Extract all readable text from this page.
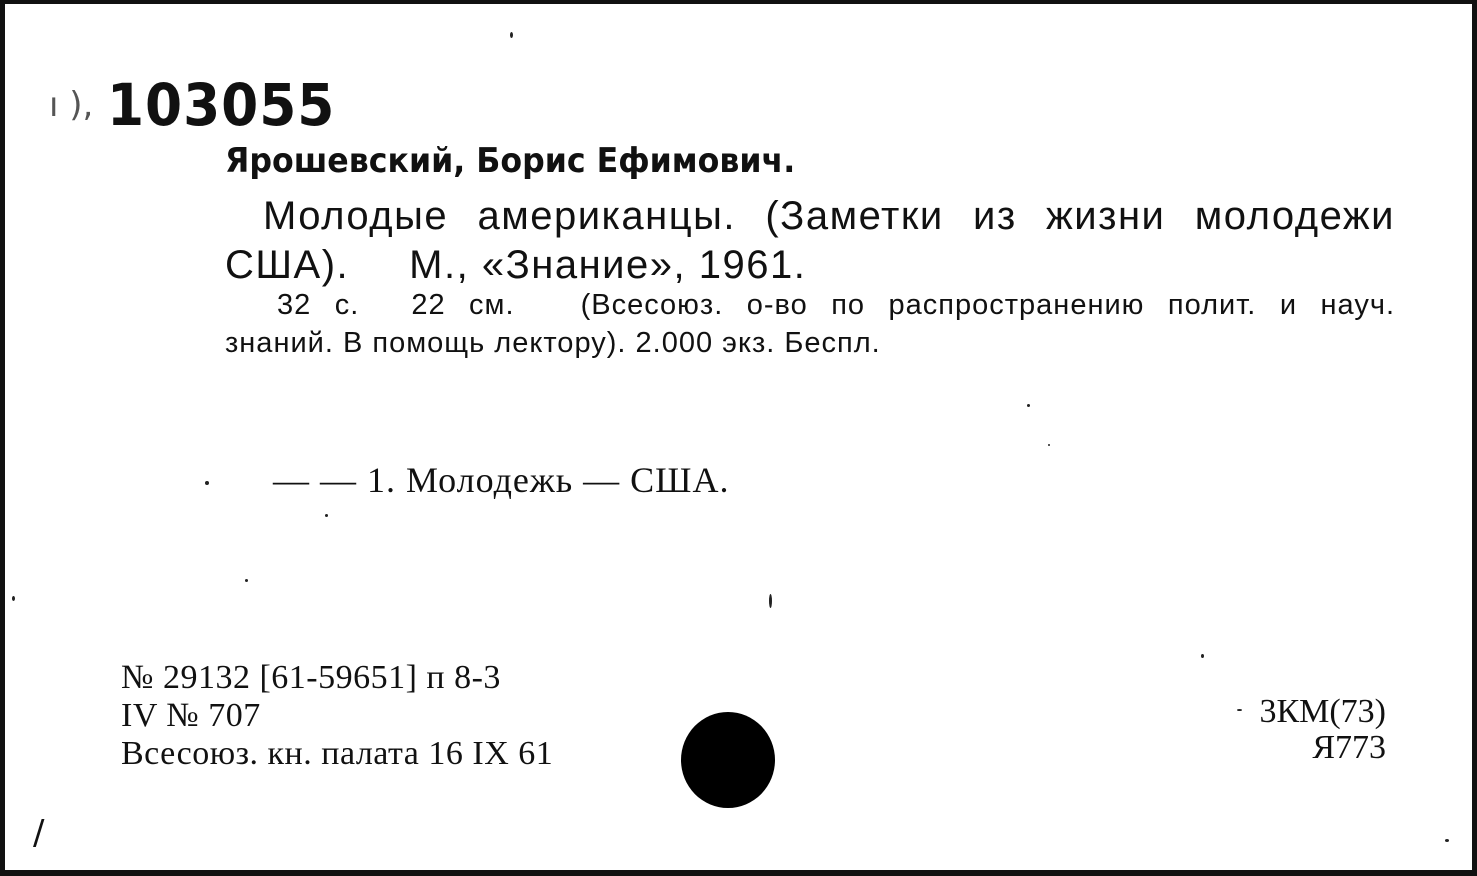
ı ), 103055
Ярошевский, Борис Ефимович.
Молодые американцы. (Заметки из жизни молодежи США). М., «Знание», 1961.
32 с. 22 см. (Всесоюз. о-во по распространению полит. и науч. знаний. В помощь лектору). 2.000 экз. Беспл.
— — 1. Молодежь — США.
№ 29132 [61-59651] п 8-3
IV № 707
Всесоюз. кн. палата 16 IX 61
3КМ(73)
Я773
/
